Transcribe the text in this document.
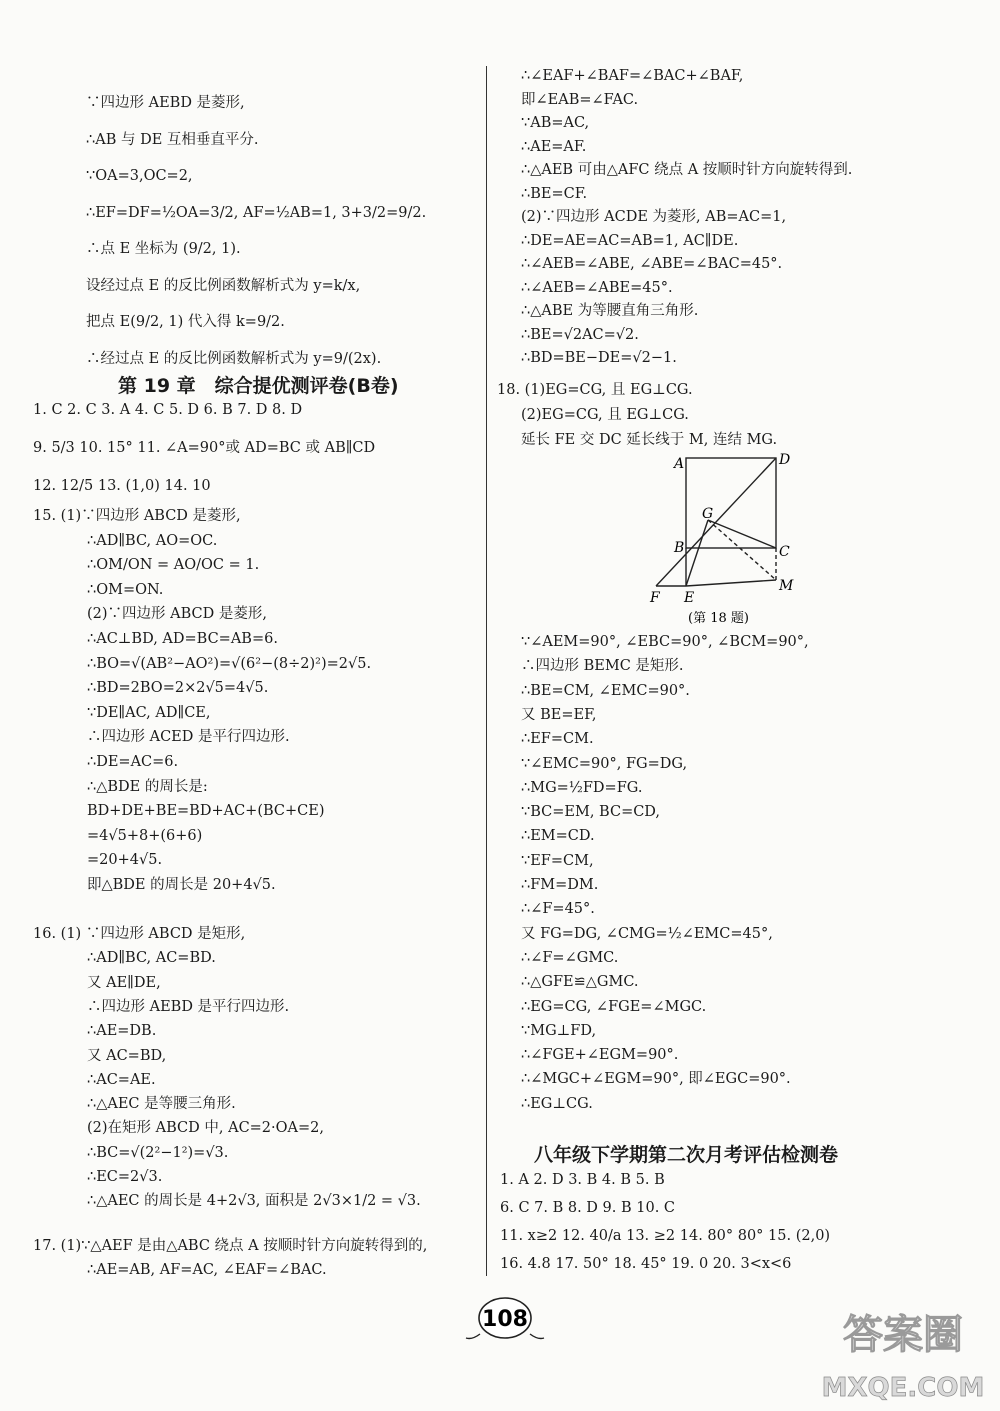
∵四边形 AEBD 是菱形,
∴AB 与 DE 互相垂直平分.
∵OA=3,OC=2,
∴EF=DF=½OA=3/2, AF=½AB=1, 3+3/2=9/2.
∴点 E 坐标为 (9/2, 1).
设经过点 E 的反比例函数解析式为 y=k/x,
把点 E(9/2, 1) 代入得 k=9/2.
∴经过点 E 的反比例函数解析式为 y=9/(2x).
第 19 章　综合提优测评卷(B卷)
1. C 2. C 3. A 4. C 5. D 6. B 7. D 8. D
9. 5/3 10. 15° 11. ∠A=90°或 AD=BC 或 AB∥CD
12. 12/5 13. (1,0) 14. 10
15. (1)∵四边形 ABCD 是菱形,
∴AD∥BC, AO=OC.
∴OM/ON = AO/OC = 1.
∴OM=ON.
(2)∵四边形 ABCD 是菱形,
∴AC⊥BD, AD=BC=AB=6.
∴BO=√(AB²−AO²)=√(6²−(8÷2)²)=2√5.
∴BD=2BO=2×2√5=4√5.
∵DE∥AC, AD∥CE,
∴四边形 ACED 是平行四边形.
∴DE=AC=6.
∴△BDE 的周长是:
BD+DE+BE=BD+AC+(BC+CE)
=4√5+8+(6+6)
=20+4√5.
即△BDE 的周长是 20+4√5.
16. (1) ∵四边形 ABCD 是矩形,
∴AD∥BC, AC=BD.
又 AE∥DE,
∴四边形 AEBD 是平行四边形.
∴AE=DB.
又 AC=BD,
∴AC=AE.
∴△AEC 是等腰三角形.
(2)在矩形 ABCD 中, AC=2·OA=2,
∴BC=√(2²−1²)=√3.
∴EC=2√3.
∴△AEC 的周长是 4+2√3, 面积是 2√3×1/2 = √3.
17. (1)∵△AEF 是由△ABC 绕点 A 按顺时针方向旋转得到的,
∴AE=AB, AF=AC, ∠EAF=∠BAC.
∴∠EAF+∠BAF=∠BAC+∠BAF,
即∠EAB=∠FAC.
∵AB=AC,
∴AE=AF.
∴△AEB 可由△AFC 绕点 A 按顺时针方向旋转得到.
∴BE=CF.
(2)∵四边形 ACDE 为菱形, AB=AC=1,
∴DE=AE=AC=AB=1, AC∥DE.
∴∠AEB=∠ABE, ∠ABE=∠BAC=45°.
∴∠AEB=∠ABE=45°.
∴△ABE 为等腰直角三角形.
∴BE=√2AC=√2.
∴BD=BE−DE=√2−1.
18. (1)EG=CG, 且 EG⊥CG.
(2)EG=CG, 且 EG⊥CG.
延长 FE 交 DC 延长线于 M, 连结 MG.
∵∠AEM=90°, ∠EBC=90°, ∠BCM=90°,
∴四边形 BEMC 是矩形.
∴BE=CM, ∠EMC=90°.
又 BE=EF,
∴EF=CM.
∵∠EMC=90°, FG=DG,
∴MG=½FD=FG.
∵BC=EM, BC=CD,
∴EM=CD.
∵EF=CM,
∴FM=DM.
∴∠F=45°.
又 FG=DG, ∠CMG=½∠EMC=45°,
∴∠F=∠GMC.
∴△GFE≌△GMC.
∴EG=CG, ∠FGE=∠MGC.
∵MG⊥FD,
∴∠FGE+∠EGM=90°.
∴∠MGC+∠EGM=90°, 即∠EGC=90°.
∴EG⊥CG.
八年级下学期第二次月考评估检测卷
1. A 2. D 3. B 4. B 5. B
6. C 7. B 8. D 9. B 10. C
11. x≥2 12. 40/a 13. ≥2 14. 80° 80° 15. (2,0)
16. 4.8 17. 50° 18. 45° 19. 0 20. 3<x<6
A	D
G
B	C
F E
M
(第 18 题)
108	答案圈
MXQE.COM
